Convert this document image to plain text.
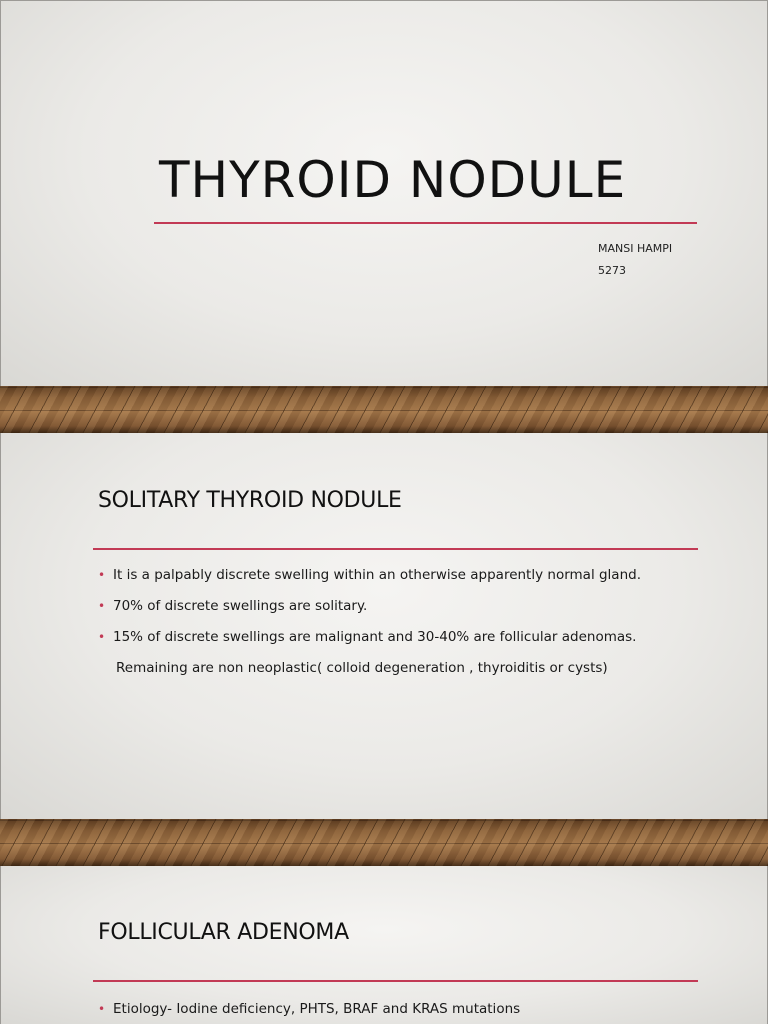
THYROID NODULE
MANSI HAMPI
5273
SOLITARY THYROID NODULE
• It is a palpably discrete swelling within an otherwise apparently normal gland.
• 70% of discrete swellings are solitary.
• 15% of discrete swellings are malignant and 30-40% are follicular adenomas.
Remaining are non neoplastic( colloid degeneration , thyroiditis or cysts)
FOLLICULAR ADENOMA
• Etiology- Iodine deficiency, PHTS, BRAF and KRAS mutations
